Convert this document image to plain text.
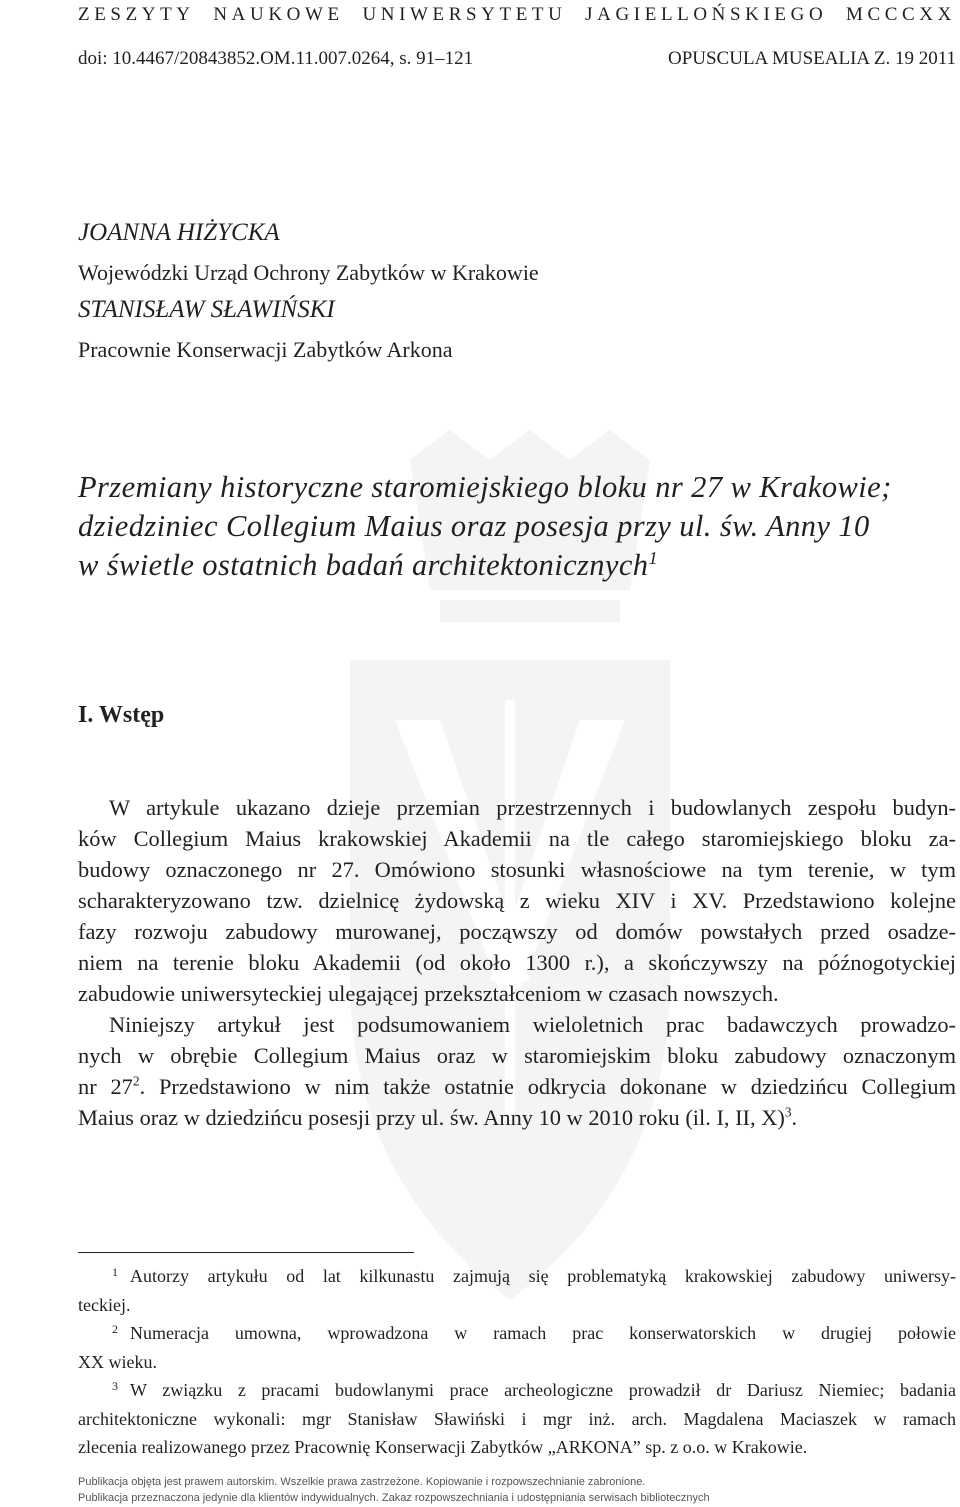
ZESZYTY NAUKOWE UNIWERSYTETU JAGIELLOŃSKIEGO MCCCXX
doi: 10.4467/20843852.OM.11.007.0264, s. 91–121	OPUSCULA MUSEALIA Z. 19 2011
JOANNA HIŻYCKA
Wojewódzki Urząd Ochrony Zabytków w Krakowie
STANISŁAW SŁAWIŃSKI
Pracownie Konserwacji Zabytków Arkona
Przemiany historyczne staromiejskiego bloku nr 27 w Krakowie;
dziedziniec Collegium Maius oraz posesja przy ul. św. Anny 10
w świetle ostatnich badań architektonicznych$^1$
I. Wstęp
W artykule ukazano dzieje przemian przestrzennych i budowlanych zespołu budyn-
ków Collegium Maius krakowskiej Akademii na tle całego staromiejskiego bloku za-
budowy oznaczonego nr 27. Omówiono stosunki własnościowe na tym terenie, w tym
scharakteryzowano tzw. dzielnicę żydowską z wieku XIV i XV. Przedstawiono kolejne
fazy rozwoju zabudowy murowanej, począwszy od domów powstałych przed osadze-
niem na terenie bloku Akademii (od około 1300 r.), a skończywszy na późnogotyckiej
zabudowie uniwersyteckiej ulegającej przekształceniom w czasach nowszych.
Niniejszy artykuł jest podsumowaniem wieloletnich prac badawczych prowadzo-
nych w obrębie Collegium Maius oraz w staromiejskim bloku zabudowy oznaczonym
nr $27^2$. Przedstawiono w nim także ostatnie odkrycia dokonane w dziedzińcu Collegium
Maius oraz w dziedzińcu posesji przy ul. św. Anny 10 w 2010 roku (il. I, II, X)$^3$.
$^1$ Autorzy artykułu od lat kilkunastu zajmują się problematyką krakowskiej zabudowy uniwersy-
teckiej.
$^2$ Numeracja umowna, wprowadzona w ramach prac konserwatorskich w drugiej połowie
XX wieku.
$^3$ W związku z pracami budowlanymi prace archeologiczne prowadził dr Dariusz Niemiec; badania
architektoniczne wykonali: mgr Stanisław Sławiński i mgr inż. arch. Magdalena Maciaszek w ramach
zlecenia realizowanego przez Pracownię Konserwacji Zabytków „ARKONA” sp. z o.o. w Krakowie.
Publikacja objęta jest prawem autorskim. Wszelkie prawa zastrzeżone. Kopiowanie i rozpowszechnianie zabronione.
Publikacja przeznaczona jedynie dla klientów indywidualnych. Zakaz rozpowszechniania i udostępniania serwisach bibliotecznych
